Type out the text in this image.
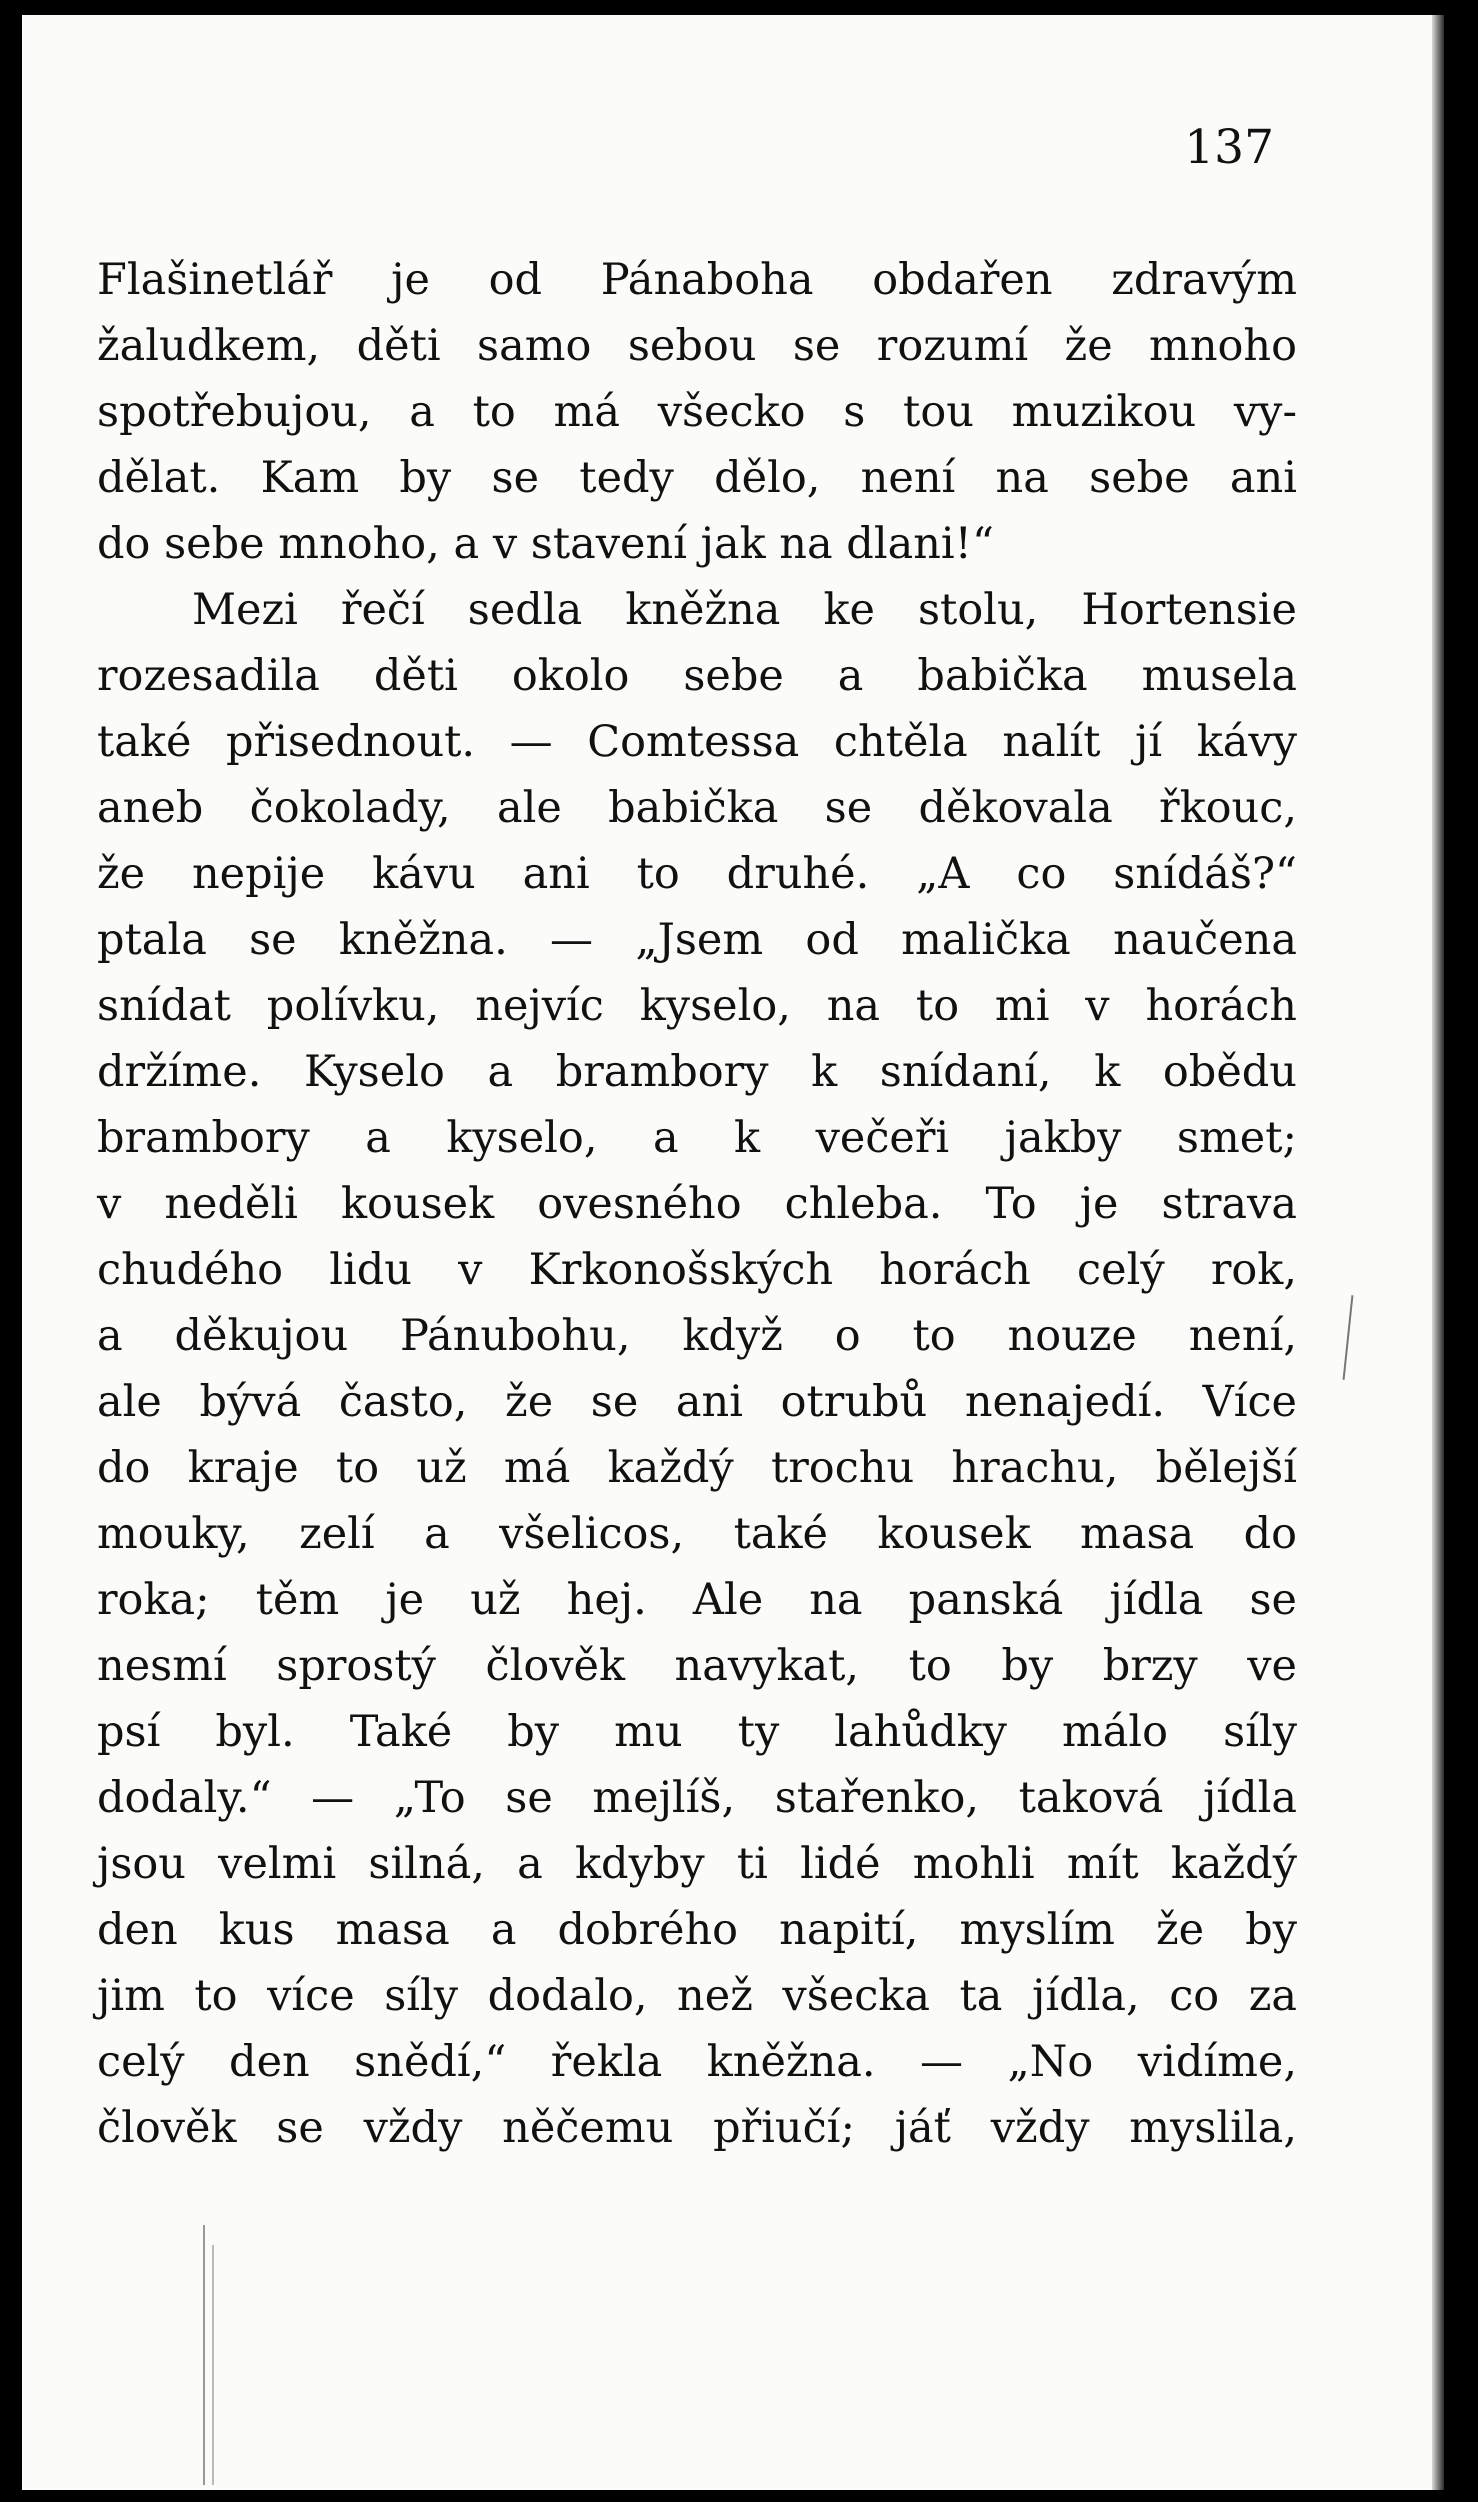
137

Flašinetlář je od Pánaboha obdařen zdravým
žaludkem, děti samo sebou se rozumí že mnoho
spotřebujou, a to má všecko s tou muzikou vy-
dělat. Kam by se tedy dělo, není na sebe ani
do sebe mnoho, a v stavení jak na dlani!“
Mezi řečí sedla kněžna ke stolu, Hortensie
rozesadila děti okolo sebe a babička musela
také přisednout. — Comtessa chtěla nalít jí kávy
aneb čokolady, ale babička se děkovala řkouc,
že nepije kávu ani to druhé. „A co snídáš?“
ptala se kněžna. — „Jsem od malička naučena
snídat polívku, nejvíc kyselo, na to mi v horách
držíme. Kyselo a brambory k snídaní, k obědu
brambory a kyselo, a k večeři jakby smet;
v neděli kousek ovesného chleba. To je strava
chudého lidu v Krkonošských horách celý rok,
a děkujou Pánubohu, když o to nouze není,
ale bývá často, že se ani otrubů nenajedí. Více
do kraje to už má každý trochu hrachu, bělejší
mouky, zelí a všelicos, také kousek masa do
roka; těm je už hej. Ale na panská jídla se
nesmí sprostý člověk navykat, to by brzy ve
psí byl. Také by mu ty lahůdky málo síly
dodaly.“ — „To se mejlíš, stařenko, taková jídla
jsou velmi silná, a kdyby ti lidé mohli mít každý
den kus masa a dobrého napití, myslím že by
jim to více síly dodalo, než všecka ta jídla, co za
celý den snědí,“ řekla kněžna. — „No vidíme,
člověk se vždy něčemu přiučí; jáť vždy myslila,
